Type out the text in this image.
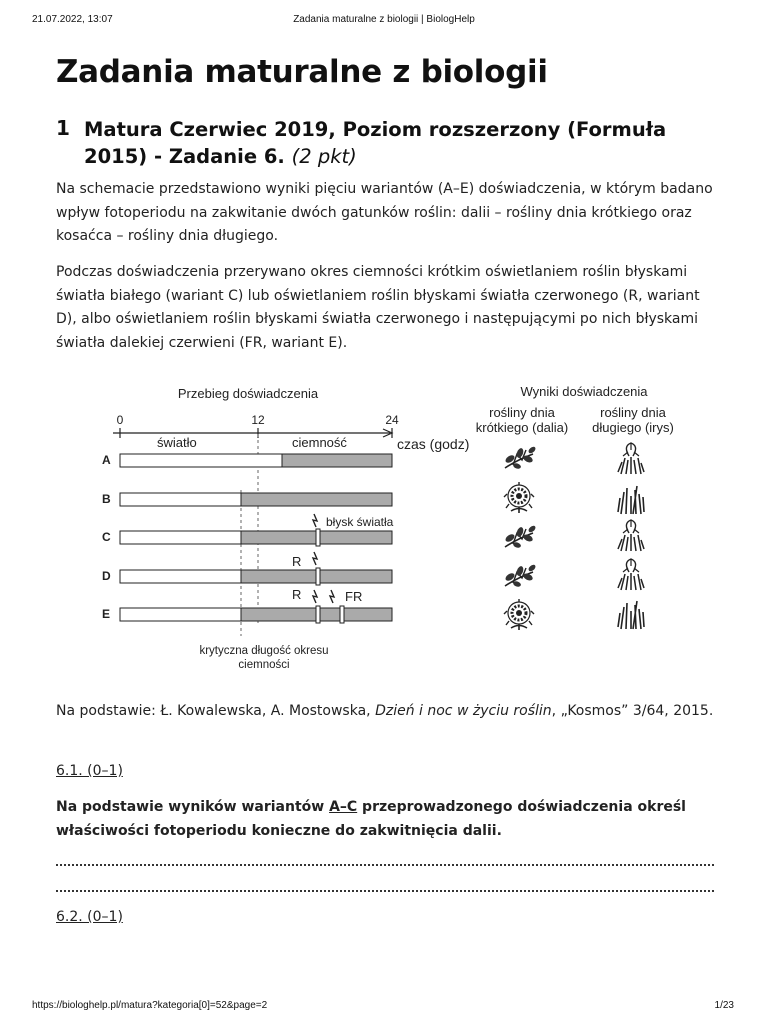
21.07.2022, 13:07	Zadania maturalne z biologii | BiologHelp
https://biologhelp.pl/matura?kategoria[0]=52&page=2	1/23
Zadania maturalne z biologii
1 Matura Czerwiec 2019, Poziom rozszerzony (Formuła 2015) - Zadanie 6. (2 pkt)
Na schemacie przedstawiono wyniki pięciu wariantów (A–E) doświadczenia, w którym badano wpływ fotoperiodu na zakwitanie dwóch gatunków roślin: dalii – rośliny dnia krótkiego oraz kosaćca – rośliny dnia długiego.
Podczas doświadczenia przerywano okres ciemności krótkim oświetlaniem roślin błyskami światła białego (wariant C) lub oświetlaniem roślin błyskami światła czerwonego (R, wariant D), albo oświetlaniem roślin błyskami światła czerwonego i następującymi po nich błyskami światła dalekiej czerwieni (FR, wariant E).
Przebieg doświadczenia	Wyniki doświadczenia
rośliny dnia
krótkiego (dalia)
rośliny dnia
długiego (irys)
0	12	24
światło	ciemność	czas (godz)
A
B
C
błysk światła
D
R
E
R	FR
krytyczna długość okresu
ciemności
Na podstawie: Ł. Kowalewska, A. Mostowska, Dzień i noc w życiu roślin, „Kosmos” 3/64, 2015.
6.1. (0–1)
Na podstawie wyników wariantów A–C przeprowadzonego doświadczenia określ właściwości fotoperiodu konieczne do zakwitnięcia dalii.
6.2. (0–1)
